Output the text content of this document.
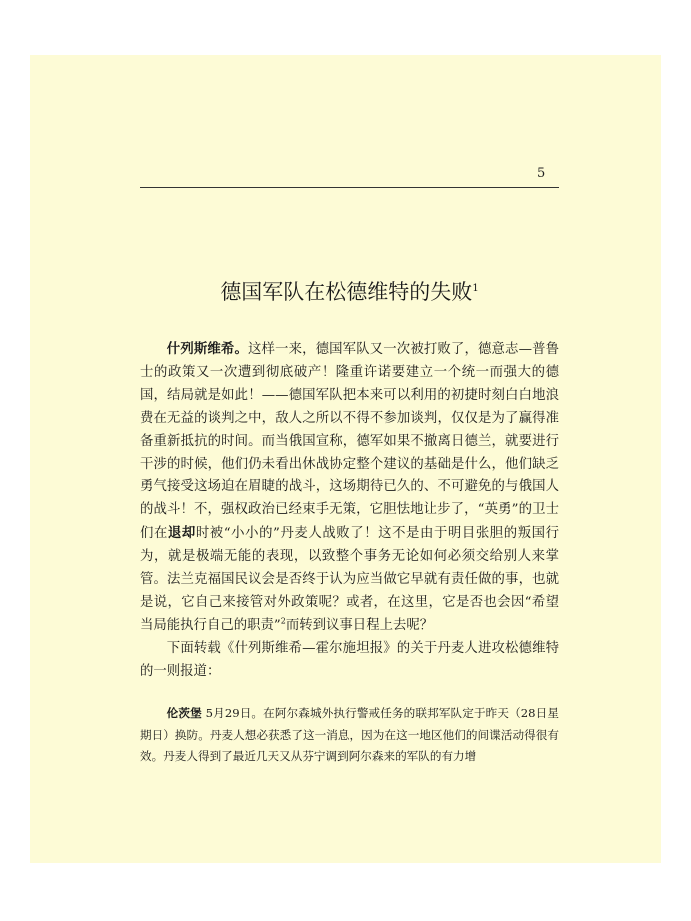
5
德国军队在松德维特的失败$^1$

什列斯维希。这样一来，德国军队又一次被打败了，德意志—普鲁士的政策又一次遭到彻底破产！隆重许诺要建立一个统一而强大的德国，结局就是如此！——德国军队把本来可以利用的初捷时刻白白地浪费在无益的谈判之中，敌人之所以不得不参加谈判，仅仅是为了赢得准备重新抵抗的时间。而当俄国宣称，德军如果不撤离日德兰，就要进行干涉的时候，他们仍未看出休战协定整个建议的基础是什么，他们缺乏勇气接受这场迫在眉睫的战斗，这场期待已久的、不可避免的与俄国人的战斗！不，强权政治已经束手无策，它胆怯地让步了，“英勇”的卫士们在退却时被“小小的”丹麦人战败了！这不是由于明目张胆的叛国行为，就是极端无能的表现，以致整个事务无论如何必须交给别人来掌管。法兰克福国民议会是否终于认为应当做它早就有责任做的事，也就是说，它自己来接管对外政策呢？或者，在这里，它是否也会因“希望当局能执行自己的职责”$^2$而转到议事日程上去呢？

下面转载《什列斯维希—霍尔施坦报》的关于丹麦人进攻松德维特的一则报道：

伦茨堡 5月29日。在阿尔森城外执行警戒任务的联邦军队定于昨天（28日星期日）换防。丹麦人想必获悉了这一消息，因为在这一地区他们的间谍活动得很有效。丹麦人得到了最近几天又从芬宁调到阿尔森来的军队的有力增
